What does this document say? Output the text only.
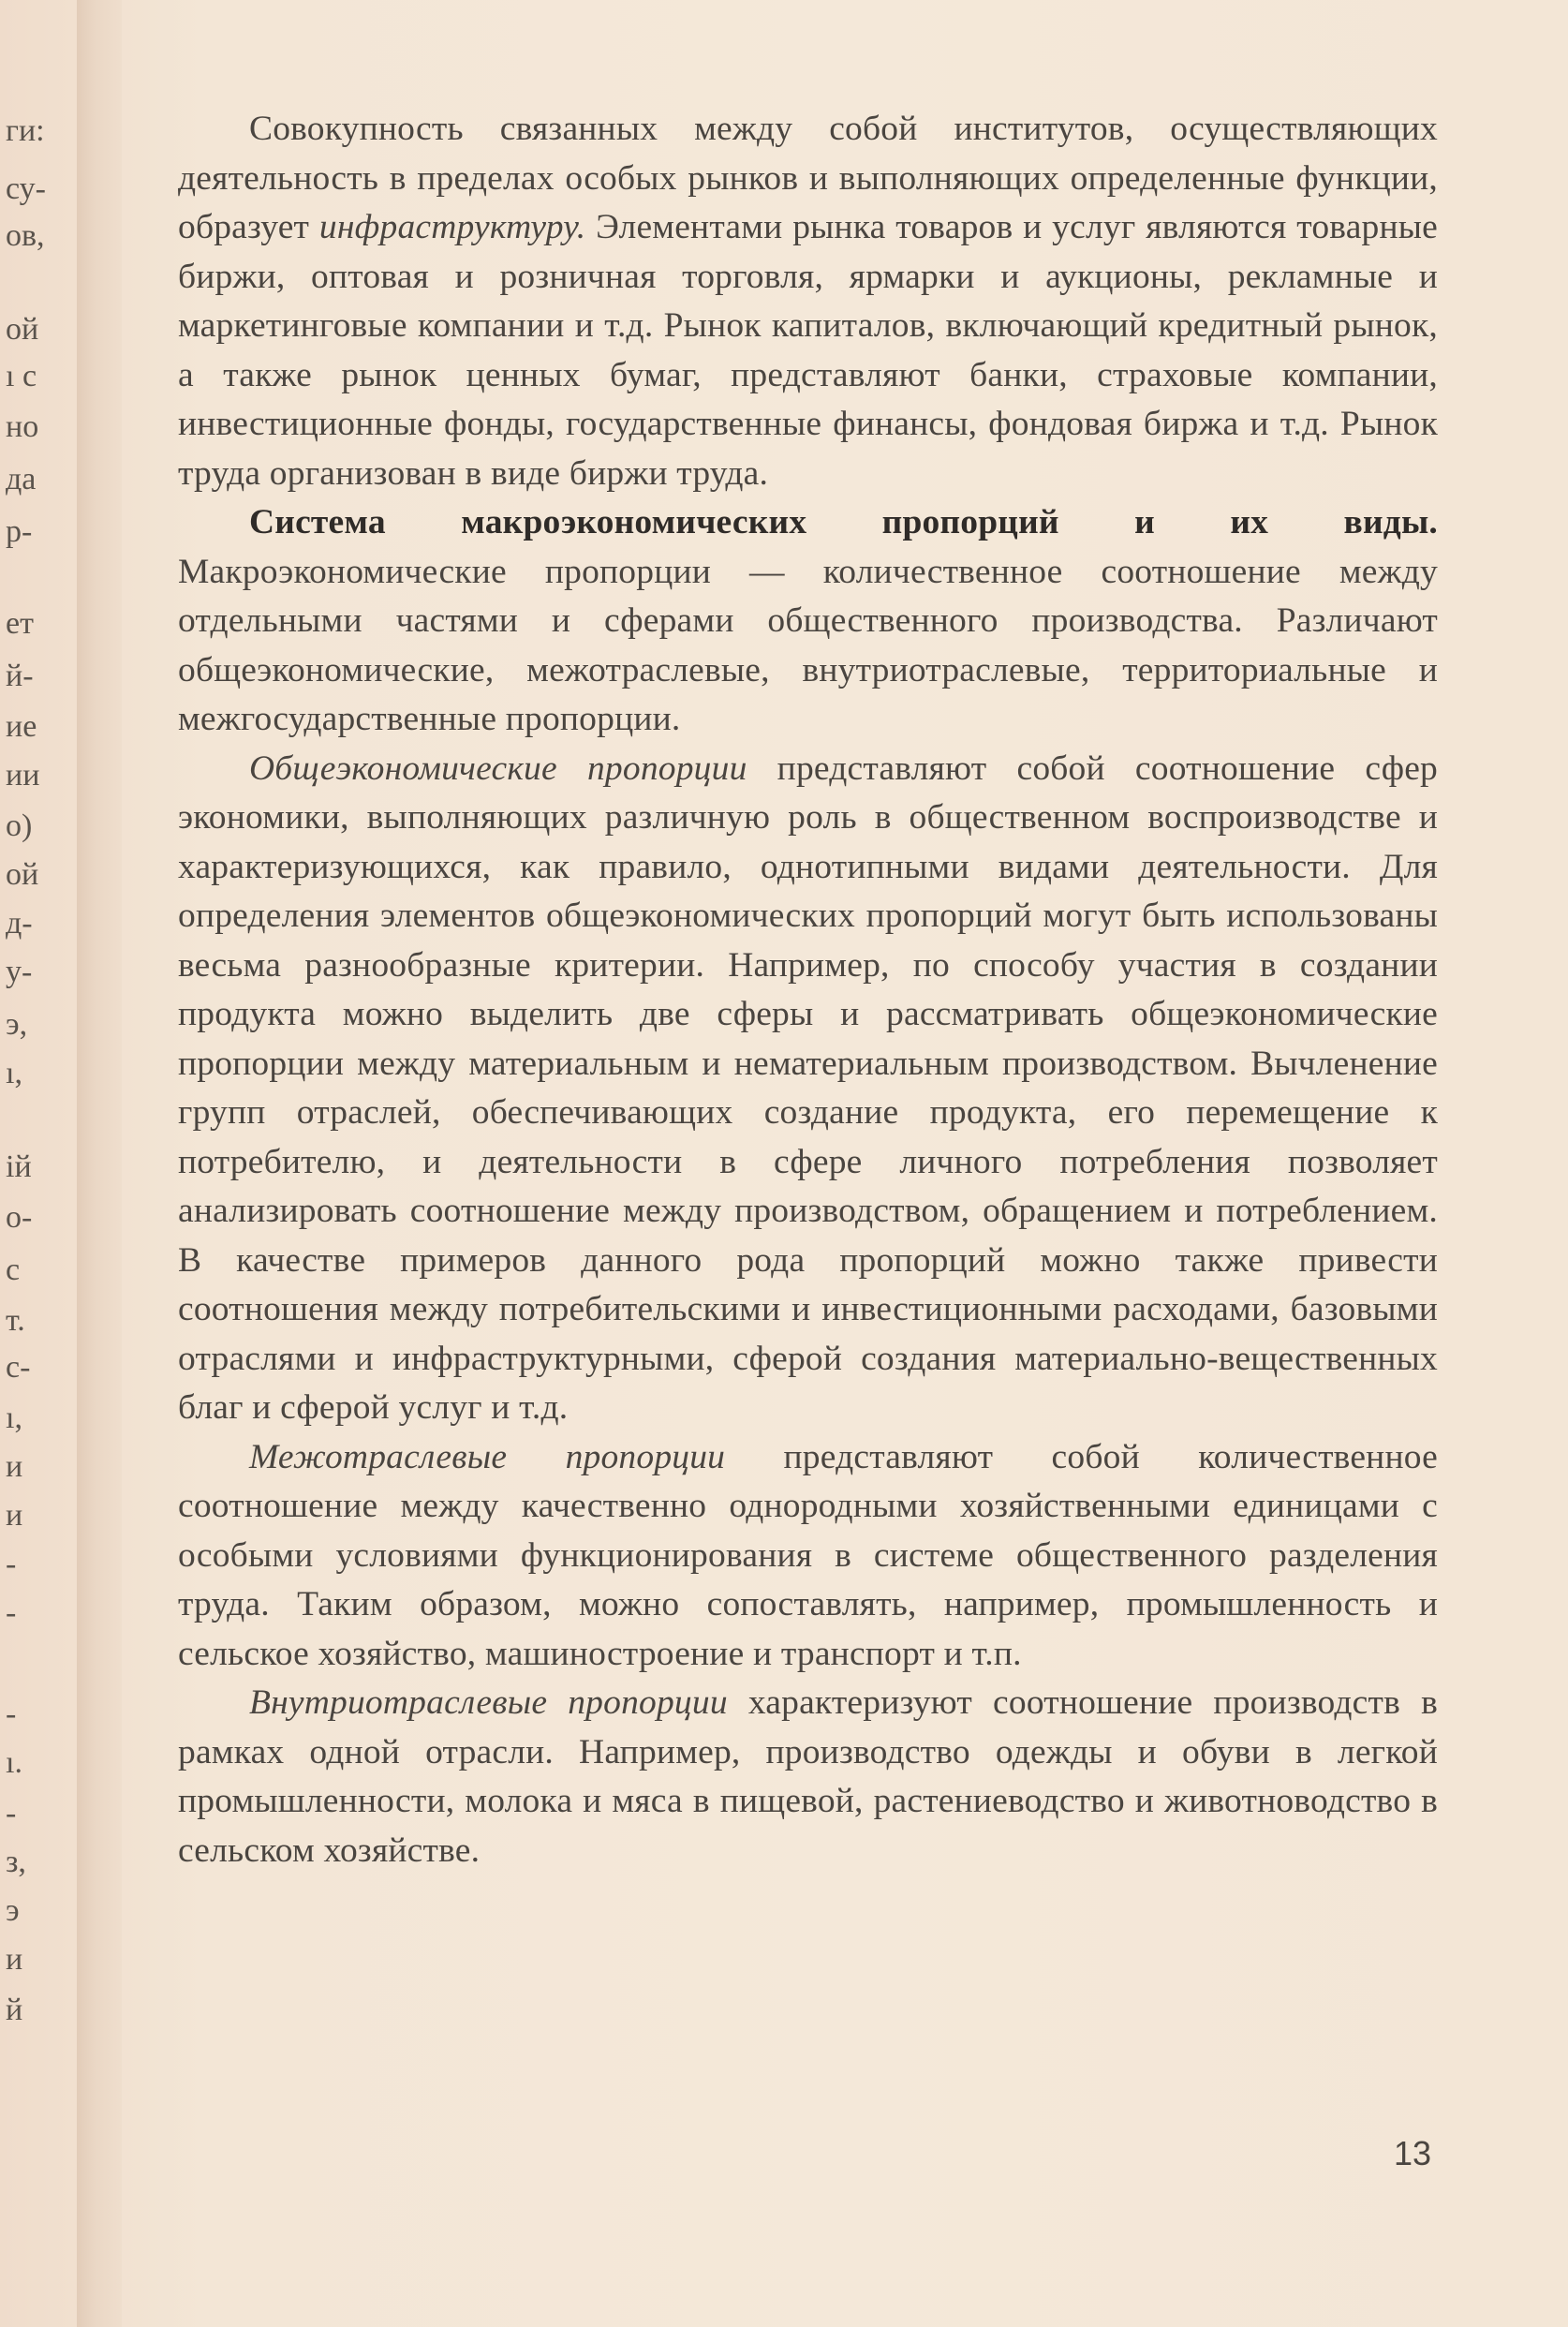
ги:
су-
ов,
ой
ı с
но
да
р-
ет
й-
ие
ии
о)
ой
д-
у-
э,
ı,
ій
о-
с
т.
с-
ı,
и
и
-
-
-
ı.
-
з,
э
и
й

Совокупность связанных между собой институтов, осуществляющих деятельность в пределах особых рынков и выполняющих определенные функции, образует инфраструктуру. Элементами рынка товаров и услуг являются товарные биржи, оптовая и розничная торговля, ярмарки и аукционы, рекламные и маркетинговые компании и т.д. Рынок капиталов, включающий кредитный рынок, а также рынок ценных бумаг, представляют банки, страховые компании, инвестиционные фонды, государственные финансы, фондовая биржа и т.д. Рынок труда организован в виде биржи труда.

Система макроэкономических пропорций и их виды. Макроэкономические пропорции — количественное соотношение между отдельными частями и сферами общественного производства. Различают общеэкономические, межотраслевые, внутриотраслевые, территориальные и межгосударственные пропорции.

Общеэкономические пропорции представляют собой соотношение сфер экономики, выполняющих различную роль в общественном воспроизводстве и характеризующихся, как правило, однотипными видами деятельности. Для определения элементов общеэкономических пропорций могут быть использованы весьма разнообразные критерии. Например, по способу участия в создании продукта можно выделить две сферы и рассматривать общеэкономические пропорции между материальным и нематериальным производством. Вычленение групп отраслей, обеспечивающих создание продукта, его перемещение к потребителю, и деятельности в сфере личного потребления позволяет анализировать соотношение между производством, обращением и потреблением. В качестве примеров данного рода пропорций можно также привести соотношения между потребительскими и инвестиционными расходами, базовыми отраслями и инфраструктурными, сферой создания материально-вещественных благ и сферой услуг и т.д.

Межотраслевые пропорции представляют собой количественное соотношение между качественно однородными хозяйственными единицами с особыми условиями функционирования в системе общественного разделения труда. Таким образом, можно сопоставлять, например, промышленность и сельское хозяйство, машиностроение и транспорт и т.п.

Внутриотраслевые пропорции характеризуют соотношение производств в рамках одной отрасли. Например, производство одежды и обуви в легкой промышленности, молока и мяса в пищевой, растениеводство и животноводство в сельском хозяйстве.

13
